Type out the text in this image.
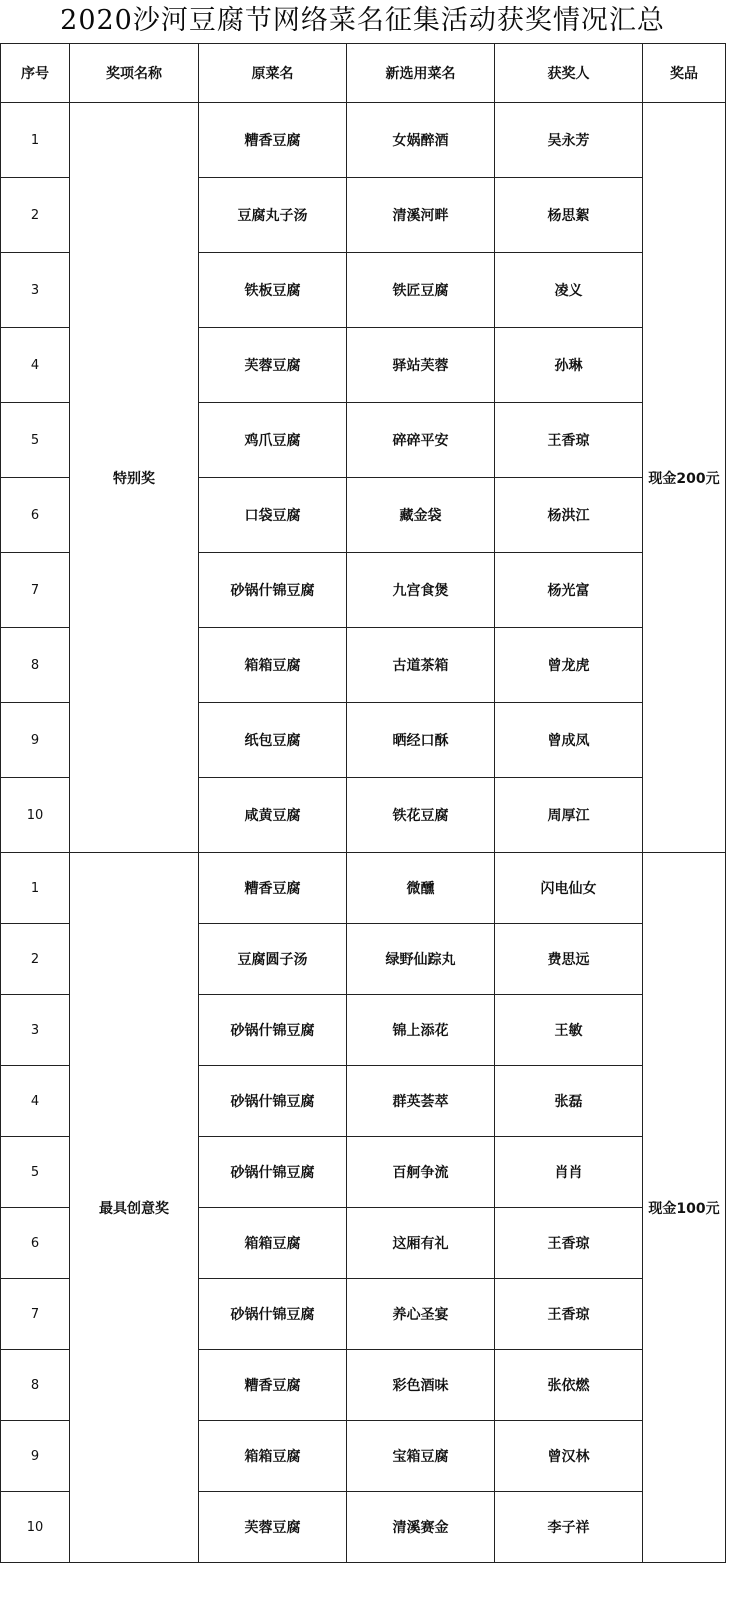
2020沙河豆腐节网络菜名征集活动获奖情况汇总
序号	奖项名称	原菜名	新选用菜名	获奖人	奖品
1	特别奖	糟香豆腐	女娲醉酒	吴永芳	现金200元
2		豆腐丸子汤	清溪河畔	杨思絮	
3		铁板豆腐	铁匠豆腐	凌义	
4		芙蓉豆腐	驿站芙蓉	孙琳	
5		鸡爪豆腐	碎碎平安	王香琼	
6		口袋豆腐	藏金袋	杨洪江	
7		砂锅什锦豆腐	九宫食煲	杨光富	
8		箱箱豆腐	古道茶箱	曾龙虎	
9		纸包豆腐	晒经口酥	曾成凤	
10		咸黄豆腐	铁花豆腐	周厚江	
1	最具创意奖	糟香豆腐	微醺	闪电仙女	现金100元
2		豆腐圆子汤	绿野仙踪丸	费思远	
3		砂锅什锦豆腐	锦上添花	王敏	
4		砂锅什锦豆腐	群英荟萃	张磊	
5		砂锅什锦豆腐	百舸争流	肖肖	
6		箱箱豆腐	这厢有礼	王香琼	
7		砂锅什锦豆腐	养心圣宴	王香琼	
8		糟香豆腐	彩色酒味	张依燃	
9		箱箱豆腐	宝箱豆腐	曾汉林	
10		芙蓉豆腐	清溪赛金	李子祥	
